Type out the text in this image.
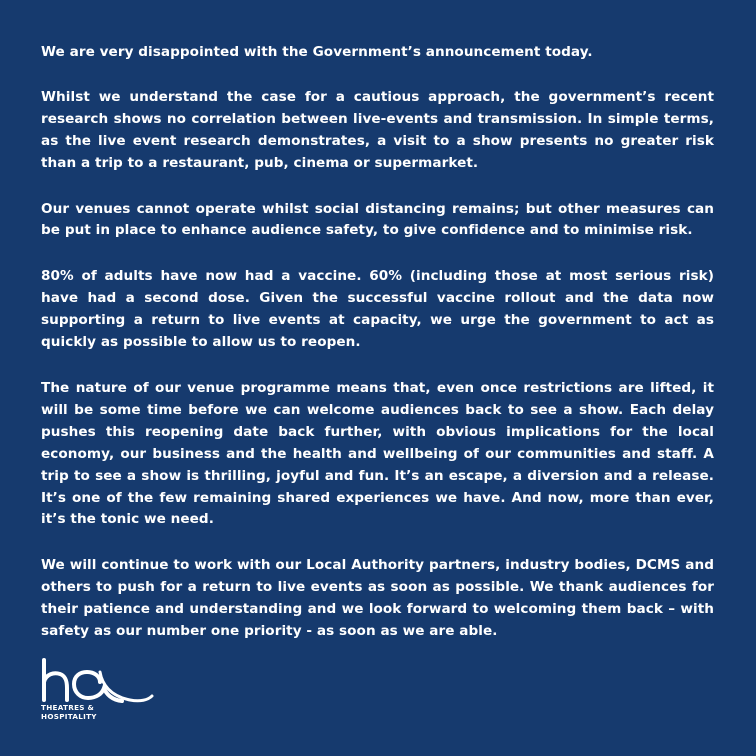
We are very disappointed with the Government’s announcement today.

Whilst we understand the case for a cautious approach, the government’s recent research shows no correlation between live-events and transmission. In simple terms, as the live event research demonstrates, a visit to a show presents no greater risk than a trip to a restaurant, pub, cinema or supermarket.

Our venues cannot operate whilst social distancing remains; but other measures can be put in place to enhance audience safety, to give confidence and to minimise risk.

80% of adults have now had a vaccine. 60% (including those at most serious risk) have had a second dose. Given the successful vaccine rollout and the data now supporting a return to live events at capacity, we urge the government to act as quickly as possible to allow us to reopen.

The nature of our venue programme means that, even once restrictions are lifted, it will be some time before we can welcome audiences back to see a show. Each delay pushes this reopening date back further, with obvious implications for the local economy, our business and the health and wellbeing of our communities and staff. A trip to see a show is thrilling, joyful and fun. It’s an escape, a diversion and a release. It’s one of the few remaining shared experiences we have. And now, more than ever, it’s the tonic we need.

We will continue to work with our Local Authority partners, industry bodies, DCMS and others to push for a return to live events as soon as possible. We thank audiences for their patience and understanding and we look forward to welcoming them back – with safety as our number one priority - as soon as we are able.

THEATRES &
HOSPITALITY
